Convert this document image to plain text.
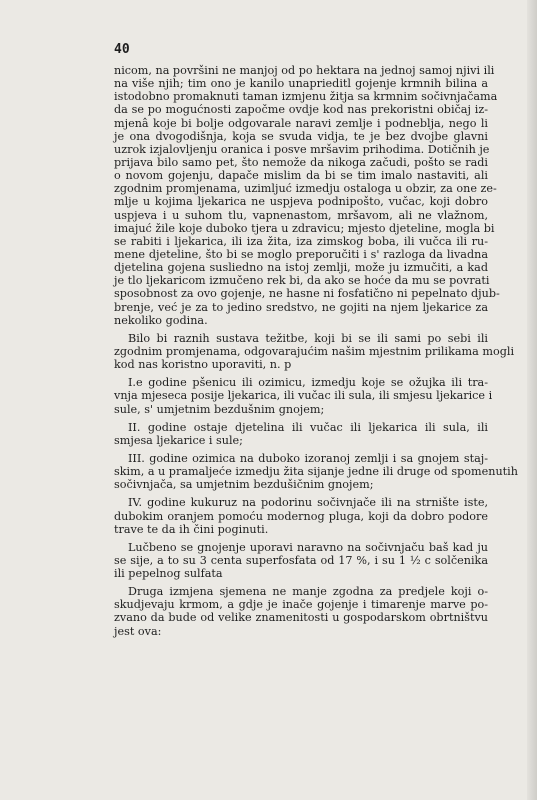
40
nicom, na površini ne manjoj od po hektara na jednoj samoj njivi ili
na više njih; tim ono je kanilo unaprieditl gojenje krmnih bilina a
istodobno promaknuti taman izmjenu žitja sa krmnim sočivnjačama
da se po mogućnosti započme ovdje kod nas prekoristni običaj iz-
mjenâ koje bi bolje odgovarale naravi zemlje i podneblja, nego li
je ona dvogodišnja, koja se svuda vidja, te je bez dvojbe glavni
uzrok izjalovljenju oranica i posve mršavim prihodima. Dotičnih je
prijava bilo samo pet, što nemože da nikoga začudi, pošto se radi
o novom gojenju, dapače mislim da bi se tim imalo nastaviti, ali
zgodnim promjenama, uzimljuć izmedju ostaloga u obzir, za one ze-
mlje u kojima ljekarica ne uspjeva podnipošto, vučac, koji dobro
uspjeva i u suhom tlu, vapnenastom, mršavom, ali ne vlažnom,
imajuć žile koje duboko tjera u zdravicu; mjesto djeteline, mogla bi
se rabiti i ljekarica, ili iza žita, iza zimskog boba, ili vučca ili ru-
mene djeteline, što bi se moglo preporučiti i s' razloga da livadna
djetelina gojena susliedno na istoj zemlji, može ju izmučiti, a kad
je tlo ljekaricom izmučeno rek bi, da ako se hoće da mu se povrati
sposobnost za ovo gojenje, ne hasne ni fosfatično ni pepelnato djub-
brenje, već je za to jedino sredstvo, ne gojiti na njem ljekarice za
nekoliko godina.
Bilo bi raznih sustava težitbe, koji bi se ili sami po sebi ili
zgodnim promjenama, odgovarajućim našim mjestnim prilikama mogli
kod nas koristno uporaviti, n. p
I.e godine pšenicu ili ozimicu, izmedju koje se ožujka ili tra-
vnja mjeseca posije ljekarica, ili vučac ili sula, ili smjesu ljekarice i
sule, s' umjetnim bezdušnim gnojem;
II. godine ostaje djetelina ili vučac ili ljekarica ili sula, ili
smjesa ljekarice i sule;
III. godine ozimica na duboko izoranoj zemlji i sa gnojem staj-
skim, a u pramaljeće izmedju žita sijanje jedne ili druge od spomenutih
sočivnjača, sa umjetnim bezdušičnim gnojem;
IV. godine kukuruz na podorinu sočivnjače ili na strnište iste,
dubokim oranjem pomoću modernog pluga, koji da dobro podore
trave te da ih čini poginuti.
Lučbeno se gnojenje uporavi naravno na sočivnjaču baš kad ju
se sije, a to su 3 centa superfosfata od 17 %, i su 1 ½ c solčenika
ili pepelnog sulfata
Druga izmjena sjemena ne manje zgodna za predjele koji o-
skudjevaju krmom, a gdje je inače gojenje i timarenje marve po-
zvano da bude od velike znamenitosti u gospodarskom obrtništvu
jest ova:
